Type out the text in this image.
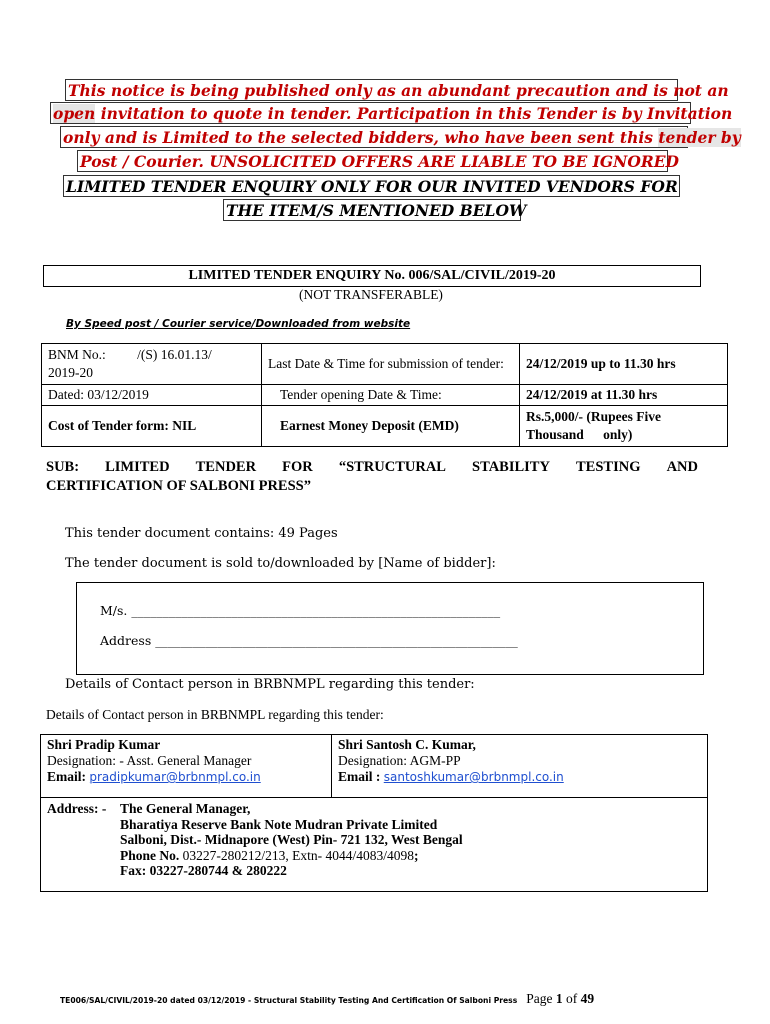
This notice is being published only as an abundant precaution and is not an
open invitation to quote in tender. Participation in this Tender is by Invitation
only and is Limited to the selected bidders, who have been sent this tender by
Post / Courier. UNSOLICITED OFFERS ARE LIABLE TO BE IGNORED
LIMITED TENDER ENQUIRY ONLY FOR OUR INVITED VENDORS FOR
THE ITEM/S MENTIONED BELOW
LIMITED TENDER ENQUIRY No. 006/SAL/CIVIL/2019-20
(NOT TRANSFERABLE)
By Speed post / Courier service/Downloaded from website
BNM No.: /(S) 16.01.13/
2019-20	Last Date & Time for submission of tender:	24/12/2019 up to 11.30 hrs
Dated: 03/12/2019	Tender opening Date & Time:	24/12/2019 at 11.30 hrs
Cost of Tender form: NIL	Earnest Money Deposit (EMD)	Rs.5,000/- (Rupees Five
Thousand only)
SUB: LIMITED TENDER FOR “STRUCTURAL STABILITY TESTING AND
CERTIFICATION OF SALBONI PRESS”
This tender document contains: 49 Pages
The tender document is sold to/downloaded by [Name of bidder]:
M/s. ___________________________________________________________
Address __________________________________________________________
Details of Contact person in BRBNMPL regarding this tender:
Details of Contact person in BRBNMPL regarding this tender:
Shri Pradip Kumar
Designation: - Asst. General Manager
Email: pradipkumar@brbnmpl.co.in
Shri Santosh C. Kumar,
Designation: AGM-PP
Email : santoshkumar@brbnmpl.co.in
Address: - The General Manager,
Bharatiya Reserve Bank Note Mudran Private Limited
Salboni, Dist.- Midnapore (West) Pin- 721 132, West Bengal
Phone No. 03227-280212/213, Extn- 4044/4083/4098;
Fax: 03227-280744 & 280222
TE006/SAL/CIVIL/2019-20 dated 03/12/2019 - Structural Stability Testing And Certification Of Salboni Press Page 1 of 49
